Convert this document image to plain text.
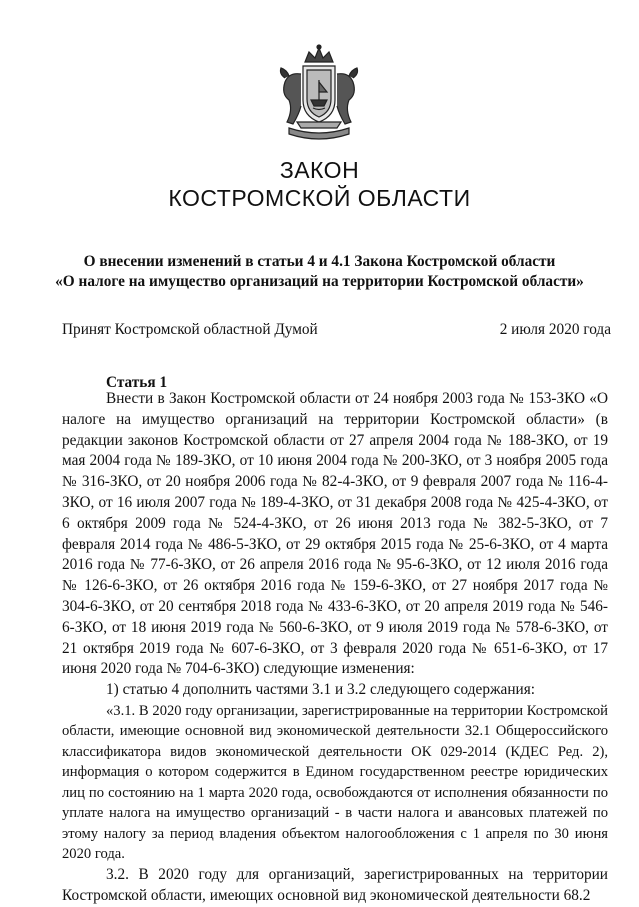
ЗАКОН
КОСТРОМСКОЙ ОБЛАСТИ
О внесении изменений в статьи 4 и 4.1 Закона Костромской области
«О налоге на имущество организаций на территории Костромской области»
Принят Костромской областной Думой	2 июля 2020 года
Статья 1

Внести в Закон Костромской области от 24 ноября 2003 года № 153-ЗКО «О налоге на имущество организаций на территории Костромской области» (в редакции законов Костромской области от 27 апреля 2004 года № 188-ЗКО, от 19 мая 2004 года № 189-ЗКО, от 10 июня 2004 года № 200-ЗКО, от 3 ноября 2005 года № 316-ЗКО, от 20 ноября 2006 года № 82-4-ЗКО, от 9 февраля 2007 года № 116-4-ЗКО, от 16 июля 2007 года № 189-4-ЗКО, от 31 декабря 2008 года № 425-4-ЗКО, от 6 октября 2009 года № 524-4-ЗКО, от 26 июня 2013 года № 382-5-ЗКО, от 7 февраля 2014 года № 486-5-ЗКО, от 29 октября 2015 года № 25-6-ЗКО, от 4 марта 2016 года № 77-6-ЗКО, от 26 апреля 2016 года № 95-6-ЗКО, от 12 июля 2016 года № 126-6-ЗКО, от 26 октября 2016 года № 159-6-ЗКО, от 27 ноября 2017 года № 304-6-ЗКО, от 20 сентября 2018 года № 433-6-ЗКО, от 20 апреля 2019 года № 546-6-ЗКО, от 18 июня 2019 года № 560-6-ЗКО, от 9 июля 2019 года № 578-6-ЗКО, от 21 октября 2019 года № 607-6-ЗКО, от 3 февраля 2020 года № 651-6-ЗКО, от 17 июня 2020 года № 704-6-ЗКО) следующие изменения:

1) статью 4 дополнить частями 3.1 и 3.2 следующего содержания:

«3.1. В 2020 году организации, зарегистрированные на территории Костромской области, имеющие основной вид экономической деятельности 32.1 Общероссийского классификатора видов экономической деятельности ОК 029-2014 (КДЕС Ред. 2), информация о котором содержится в Едином государственном реестре юридических лиц по состоянию на 1 марта 2020 года, освобождаются от исполнения обязанности по уплате налога на имущество организаций - в части налога и авансовых платежей по этому налогу за период владения объектом налогообложения с 1 апреля по 30 июня 2020 года.

3.2. В 2020 году для организаций, зарегистрированных на территории Костромской области, имеющих основной вид экономической деятельности 68.2
